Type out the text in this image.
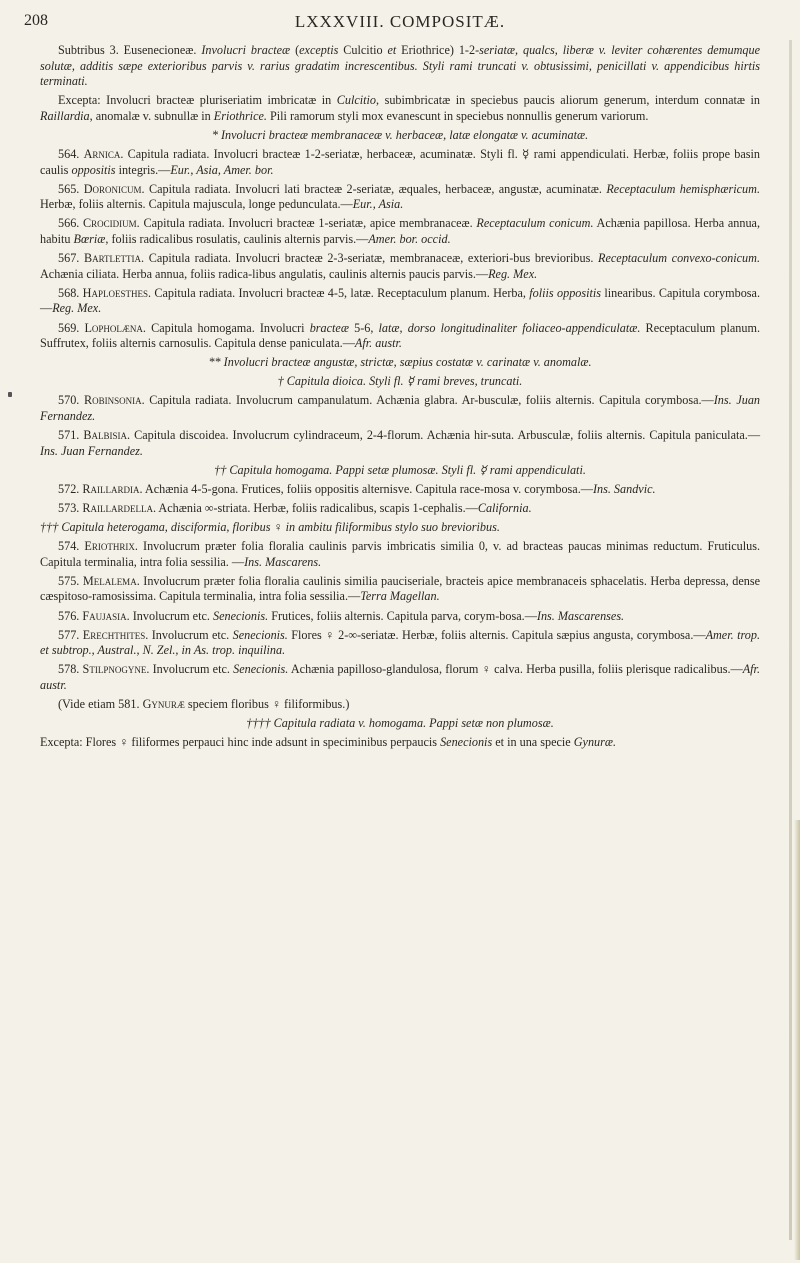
208	LXXXVIII. COMPOSITÆ.

Subtribus 3. Eusenecioneæ. Involucri bracteæ (exceptis Culcitio et Eriothrice) 1-2-seriatæ, qualcs, liberæ v. leviter cohærentes demumque solutæ, additis sæpe exterioribus parvis v. rarius gradatim increscentibus. Styli rami truncati v. obtusissimi, penicillati v. appendicibus hirtis terminati.

Excepta: Involucri bracteæ pluriseriatim imbricatæ in Culcitio, subimbricatæ in speciebus paucis aliorum generum, interdum connatæ in Raillardia, anomalæ v. subnullæ in Eriothrice. Pili ramorum styli mox evanescunt in speciebus nonnullis generum variorum.

* Involucri bracteæ membranaceæ v. herbaceæ, latæ elongatæ v. acuminatæ.

564. Arnica. Capitula radiata. Involucri bracteæ 1-2-seriatæ, herbaceæ, acuminatæ. Styli fl. ☿ rami appendiculati. Herbæ, foliis prope basin caulis oppositis integris.—Eur., Asia, Amer. bor.

565. Doronicum. Capitula radiata. Involucri lati bracteæ 2-seriatæ, æquales, herbaceæ, angustæ, acuminatæ. Receptaculum hemisphæricum. Herbæ, foliis alternis. Capitula majuscula, longe pedunculata.—Eur., Asia.

566. Crocidium. Capitula radiata. Involucri bracteæ 1-seriatæ, apice membranaceæ. Receptaculum conicum. Achænia papillosa. Herba annua, habitu Bœriæ, foliis radicalibus rosulatis, caulinis alternis parvis.—Amer. bor. occid.

567. Bartlettia. Capitula radiata. Involucri bracteæ 2-3-seriatæ, membranaceæ, exteriori-bus brevioribus. Receptaculum convexo-conicum. Achænia ciliata. Herba annua, foliis radica-libus angulatis, caulinis alternis paucis parvis.—Reg. Mex.

568. Haploesthes. Capitula radiata. Involucri bracteæ 4-5, latæ. Receptaculum planum. Herba, foliis oppositis linearibus. Capitula corymbosa.—Reg. Mex.

569. Lopholæna. Capitula homogama. Involucri bracteæ 5-6, latæ, dorso longitudinaliter foliaceo-appendiculatæ. Receptaculum planum. Suffrutex, foliis alternis carnosulis. Capitula dense paniculata.—Afr. austr.

** Involucri bracteæ angustæ, strictæ, sæpius costatæ v. carinatæ v. anomalæ.

† Capitula dioica. Styli fl. ☿ rami breves, truncati.

570. Robinsonia. Capitula radiata. Involucrum campanulatum. Achænia glabra. Ar-busculæ, foliis alternis. Capitula corymbosa.—Ins. Juan Fernandez.

571. Balbisia. Capitula discoidea. Involucrum cylindraceum, 2-4-florum. Achænia hir-suta. Arbusculæ, foliis alternis. Capitula paniculata.—Ins. Juan Fernandez.

†† Capitula homogama. Pappi setæ plumosæ. Styli fl. ☿ rami appendiculati.

572. Raillardia. Achænia 4-5-gona. Frutices, foliis oppositis alternisve. Capitula race-mosa v. corymbosa.—Ins. Sandvic.

573. Raillardella. Achænia ∞-striata. Herbæ, foliis radicalibus, scapis 1-cephalis.—California.

††† Capitula heterogama, disciformia, floribus ♀ in ambitu filiformibus stylo suo brevioribus.

574. Eriothrix. Involucrum præter folia floralia caulinis parvis imbricatis similia 0, v. ad bracteas paucas minimas reductum. Fruticulus. Capitula terminalia, intra folia sessilia. —Ins. Mascarens.

575. Melalema. Involucrum præter folia floralia caulinis similia pauciseriale, bracteis apice membranaceis sphacelatis. Herba depressa, dense cæspitoso-ramosissima. Capitula terminalia, intra folia sessilia.—Terra Magellan.

576. Faujasia. Involucrum etc. Senecionis. Frutices, foliis alternis. Capitula parva, corym-bosa.—Ins. Mascarenses.

577. Erechthites. Involucrum etc. Senecionis. Flores ♀ 2-∞-seriatæ. Herbæ, foliis alternis. Capitula sæpius angusta, corymbosa.—Amer. trop. et subtrop., Austral., N. Zel., in As. trop. inquilina.

578. Stilpnogyne. Involucrum etc. Senecionis. Achænia papilloso-glandulosa, florum ♀ calva. Herba pusilla, foliis plerisque radicalibus.—Afr. austr.

(Vide etiam 581. Gynuræ speciem floribus ♀ filiformibus.)

†††† Capitula radiata v. homogama. Pappi setæ non plumosæ.

Excepta: Flores ♀ filiformes perpauci hinc inde adsunt in speciminibus perpaucis Senecionis et in una specie Gynuræ.
